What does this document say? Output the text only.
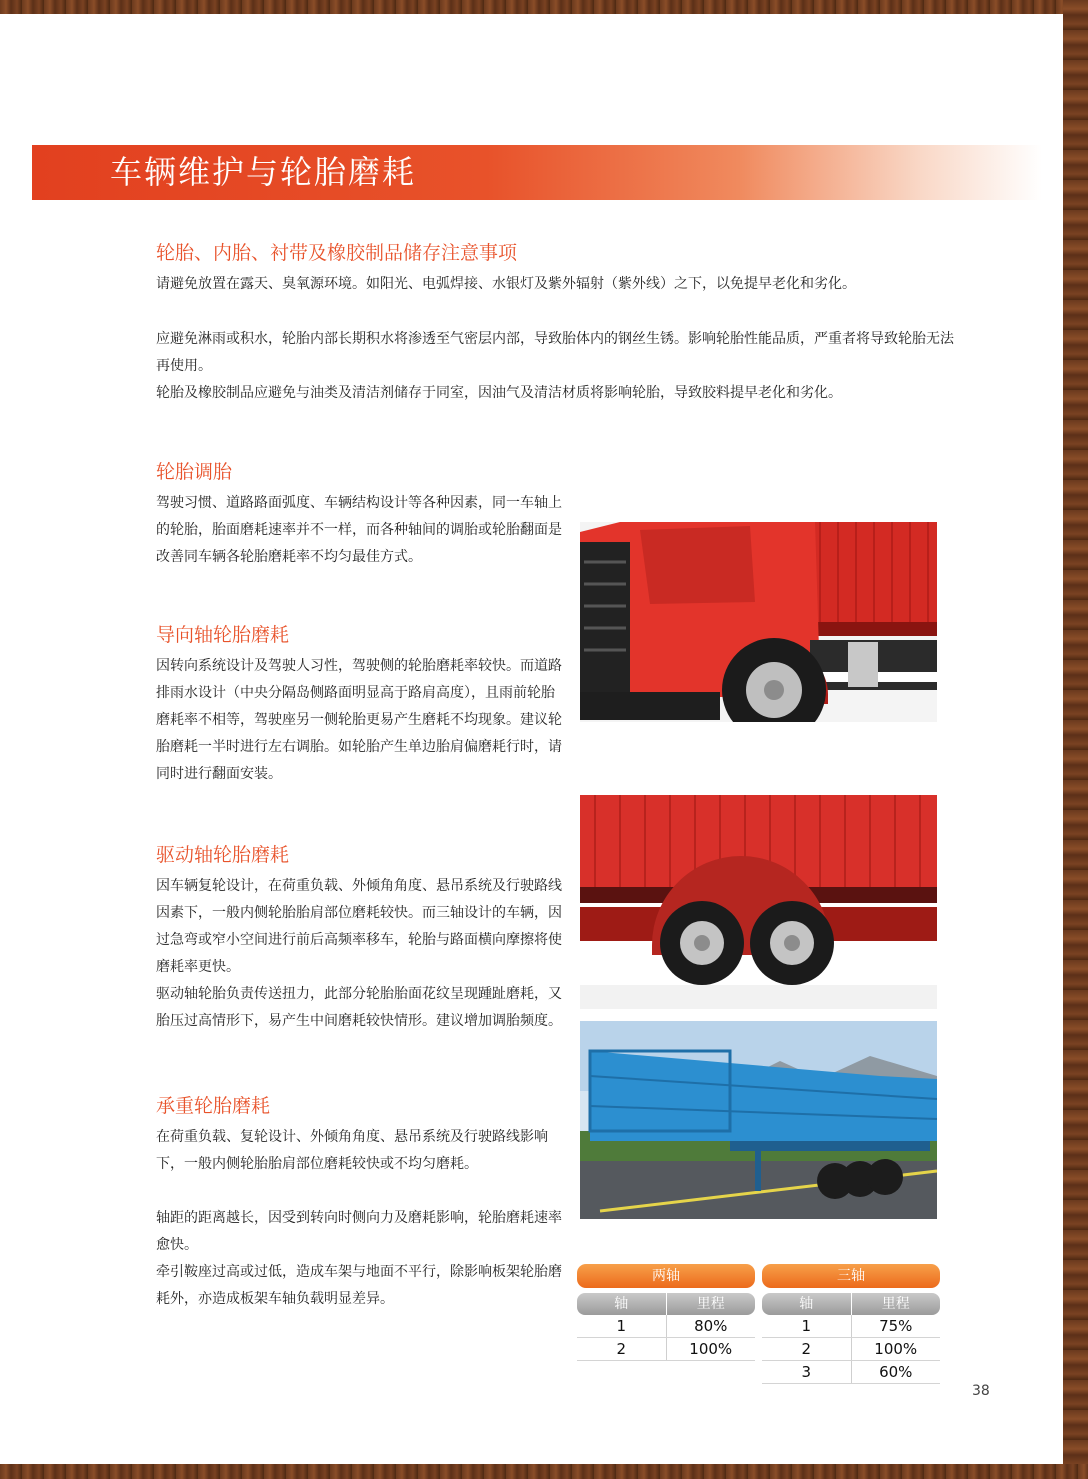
车辆维护与轮胎磨耗
轮胎、内胎、衬带及橡胶制品储存注意事项

请避免放置在露天、臭氧源环境。如阳光、电弧焊接、水银灯及紫外辐射（紫外线）之下，以免提早老化和劣化。

应避免淋雨或积水，轮胎内部长期积水将渗透至气密层内部，导致胎体内的钢丝生锈。影响轮胎性能品质，严重者将导致轮胎无法再使用。

轮胎及橡胶制品应避免与油类及清洁剂储存于同室，因油气及清洁材质将影响轮胎，导致胶料提早老化和劣化。

轮胎调胎

驾驶习惯、道路路面弧度、车辆结构设计等各种因素，同一车轴上的轮胎，胎面磨耗速率并不一样，而各种轴间的调胎或轮胎翻面是改善同车辆各轮胎磨耗率不均匀最佳方式。

导向轴轮胎磨耗

因转向系统设计及驾驶人习性，驾驶侧的轮胎磨耗率较快。而道路排雨水设计（中央分隔岛侧路面明显高于路肩高度），且雨前轮胎磨耗率不相等，驾驶座另一侧轮胎更易产生磨耗不均现象。建议轮胎磨耗一半时进行左右调胎。如轮胎产生单边胎肩偏磨耗行时，请同时进行翻面安装。

驱动轴轮胎磨耗

因车辆复轮设计，在荷重负载、外倾角角度、悬吊系统及行驶路线因素下，一般内侧轮胎胎肩部位磨耗较快。而三轴设计的车辆，因过急弯或窄小空间进行前后高频率移车，轮胎与路面横向摩擦将使磨耗率更快。

驱动轴轮胎负责传送扭力，此部分轮胎胎面花纹呈现踵趾磨耗，又胎压过高情形下，易产生中间磨耗较快情形。建议增加调胎频度。

承重轮胎磨耗

在荷重负载、复轮设计、外倾角角度、悬吊系统及行驶路线影响下，一般内侧轮胎胎肩部位磨耗较快或不均匀磨耗。

轴距的距离越长，因受到转向时侧向力及磨耗影响，轮胎磨耗速率愈快。

牵引鞍座过高或过低，造成车架与地面不平行，除影响板架轮胎磨耗外，亦造成板架车轴负载明显差异。

两轴
轴	里程
1	80%
2	100%
三轴
轴	里程
1	75%
2	100%
3	60%
38
